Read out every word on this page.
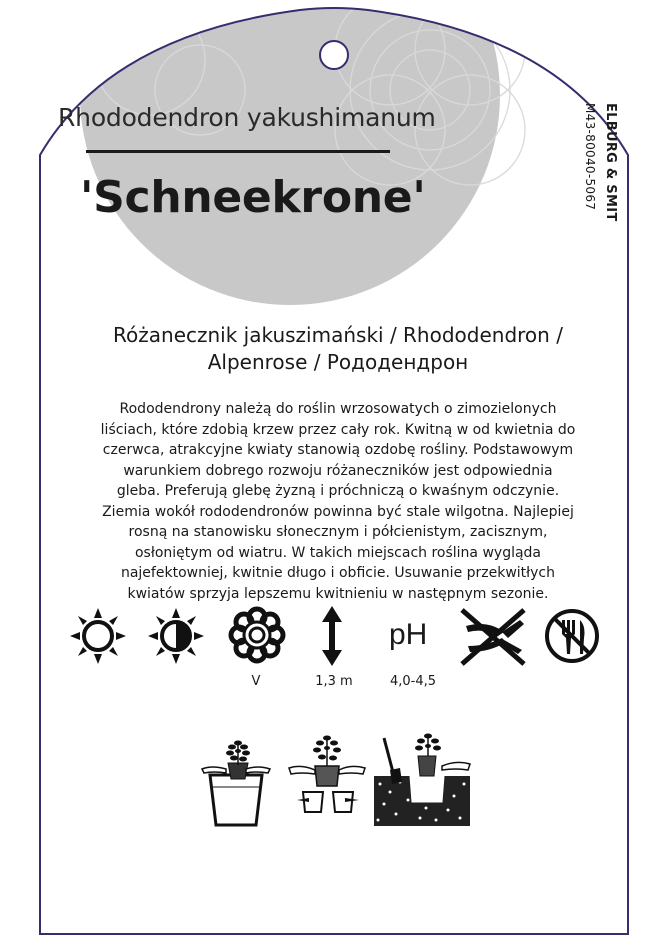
Rhododendron yakushimanum
'Schneekrone'	ELBURG & SMIT
M43-80040-5067
Różanecznik jakuszimański / Rhododendron /
Alpenrose / Рододендрон
Rododendrony należą do roślin wrzosowatych o zimozielonych
liściach, które zdobią krzew przez cały rok. Kwitną w od kwietnia do
czerwca, atrakcyjne kwiaty stanowią ozdobę rośliny. Podstawowym
warunkiem dobrego rozwoju różaneczników jest odpowiednia
gleba. Preferują glebę żyzną i próchniczą o kwaśnym odczynie.
Ziemia wokół rododendronów powinna być stale wilgotna. Najlepiej
rosną na stanowisku słonecznym i półcienistym, zacisznym,
osłoniętym od wiatru. W takich miejscach roślina wygląda
najefektowniej, kwitnie długo i obficie. Usuwanie przekwitłych
kwiatów sprzyja lepszemu kwitnieniu w następnym sezonie.
pH
V	1,3 m	4,0-4,5
